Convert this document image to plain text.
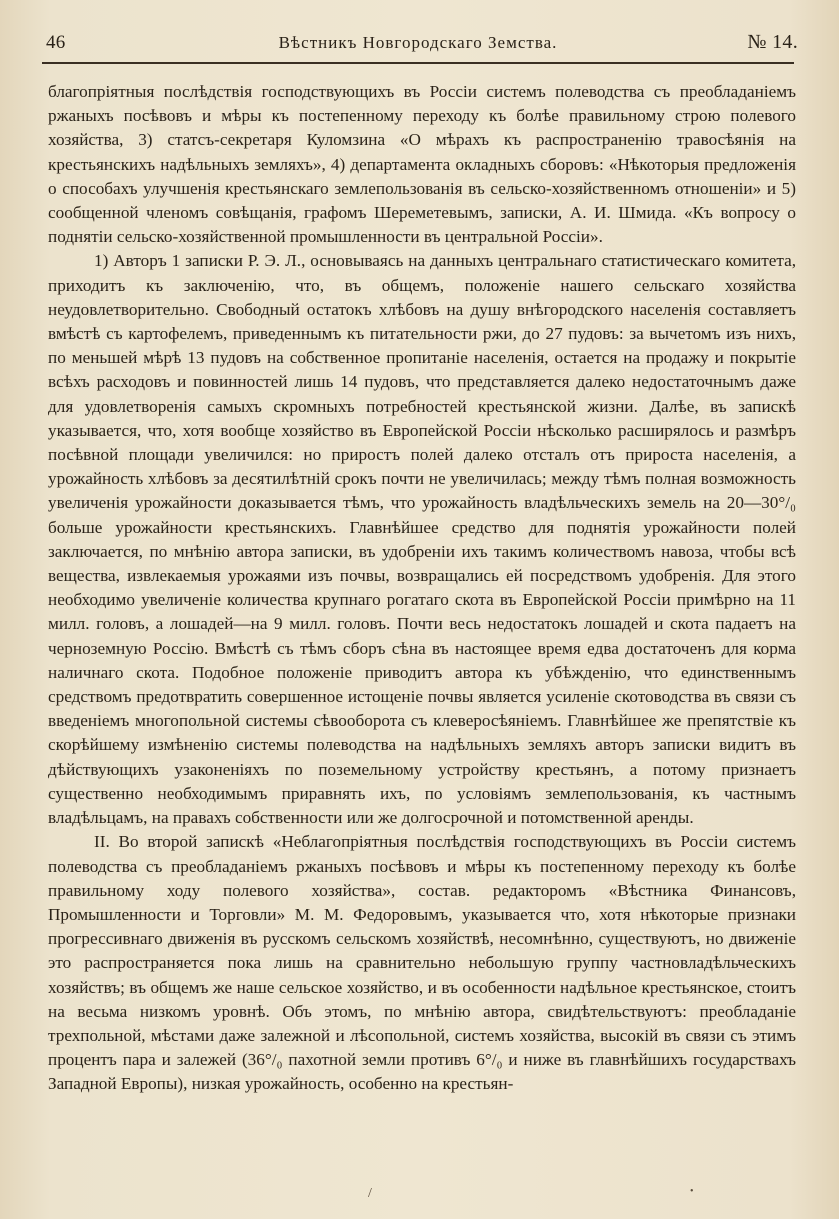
46	Вѣстникъ Новгородскаго Земства.	№ 14.

благопріятныя послѣдствія господствующихъ въ Россіи системъ полеводства съ преобладаніемъ ржаныхъ посѣвовъ и мѣры къ постепенному переходу къ болѣе правильному строю полевого хозяйства, 3) статсъ-секретаря Куломзина «О мѣрахъ къ распространенію травосѣянія на крестьянскихъ надѣльныхъ земляхъ», 4) департамента окладныхъ сборовъ: «Нѣкоторыя предложенія о способахъ улучшенія крестьянскаго землепользованія въ сельско-хозяйственномъ отношеніи» и 5) сообщенной членомъ совѣщанія, графомъ Шереметевымъ, записки, А. И. Шмида. «Къ вопросу о поднятіи сельско-хозяйственной промышленности въ центральной Россіи».

1) Авторъ 1 записки Р. Э. Л., основываясь на данныхъ центральнаго статистическаго комитета, приходитъ къ заключенію, что, въ общемъ, положеніе нашего сельскаго хозяйства неудовлетворительно. Свободный остатокъ хлѣбовъ на душу внѣгородского населенія составляетъ вмѣстѣ съ картофелемъ, приведеннымъ къ питательности ржи, до 27 пудовъ: за вычетомъ изъ нихъ, по меньшей мѣрѣ 13 пудовъ на собственное пропитаніе населенія, остается на продажу и покрытіе всѣхъ расходовъ и повинностей лишь 14 пудовъ, что представляется далеко недостаточнымъ даже для удовлетворенія самыхъ скромныхъ потребностей крестьянской жизни. Далѣе, въ запискѣ указывается, что, хотя вообще хозяйство въ Европейской Россіи нѣсколько расширялось и размѣръ посѣвной площади увеличился: но приростъ полей далеко отсталъ отъ прироста населенія, а урожайность хлѣбовъ за десятилѣтній срокъ почти не увеличилась; между тѣмъ полная возможность увеличенія урожайности доказывается тѣмъ, что урожайность владѣльческихъ земель на 20—30°/₀ больше урожайности крестьянскихъ. Главнѣйшее средство для поднятія урожайности полей заключается, по мнѣнію автора записки, въ удобреніи ихъ такимъ количествомъ навоза, чтобы всѣ вещества, извлекаемыя урожаями изъ почвы, возвращались ей посредствомъ удобренія. Для этого необходимо увеличеніе количества крупнаго рогатаго скота въ Европейской Россіи примѣрно на 11 милл. головъ, а лошадей—на 9 милл. головъ. Почти весь недостатокъ лошадей и скота падаетъ на черноземную Россію. Вмѣстѣ съ тѣмъ сборъ сѣна въ настоящее время едва достаточенъ для корма наличнаго скота. Подобное положеніе приводитъ автора къ убѣжденію, что единственнымъ средствомъ предотвратить совершенное истощеніе почвы является усиленіе скотоводства въ связи съ введеніемъ многопольной системы сѣвооборота съ клеверосѣяніемъ. Главнѣйшее же препятствіе къ скорѣйшему измѣненію системы полеводства на надѣльныхъ земляхъ авторъ записки видитъ въ дѣйствующихъ узаконеніяхъ по поземельному устройству крестьянъ, а потому признаетъ существенно необходимымъ приравнять ихъ, по условіямъ землепользованія, къ частнымъ владѣльцамъ, на правахъ собственности или же долгосрочной и потомственной аренды.

II. Во второй запискѣ «Неблагопріятныя послѣдствія господствующихъ въ Россіи системъ полеводства съ преобладаніемъ ржаныхъ посѣвовъ и мѣры къ постепенному переходу къ болѣе правильному ходу полевого хозяйства», состав. редакторомъ «Вѣстника Финансовъ, Промышленности и Торговли» М. М. Федоровымъ, указывается что, хотя нѣкоторые признаки прогрессивнаго движенія въ русскомъ сельскомъ хозяйствѣ, несомнѣнно, существуютъ, но движеніе это распространяется пока лишь на сравнительно небольшую группу частновладѣльческихъ хозяйствъ; въ общемъ же наше сельское хозяйство, и въ особенности надѣльное крестьянское, стоитъ на весьма низкомъ уровнѣ. Объ этомъ, по мнѣнію автора, свидѣтельствуютъ: преобладаніе трехпольной, мѣстами даже залежной и лѣсопольной, системъ хозяйства, высокій въ связи съ этимъ процентъ пара и залежей (36°/₀ пахотной земли противъ 6°/₀ и ниже въ главнѣйшихъ государствахъ Западной Европы), низкая урожайность, особенно на крестьян-

/	•
